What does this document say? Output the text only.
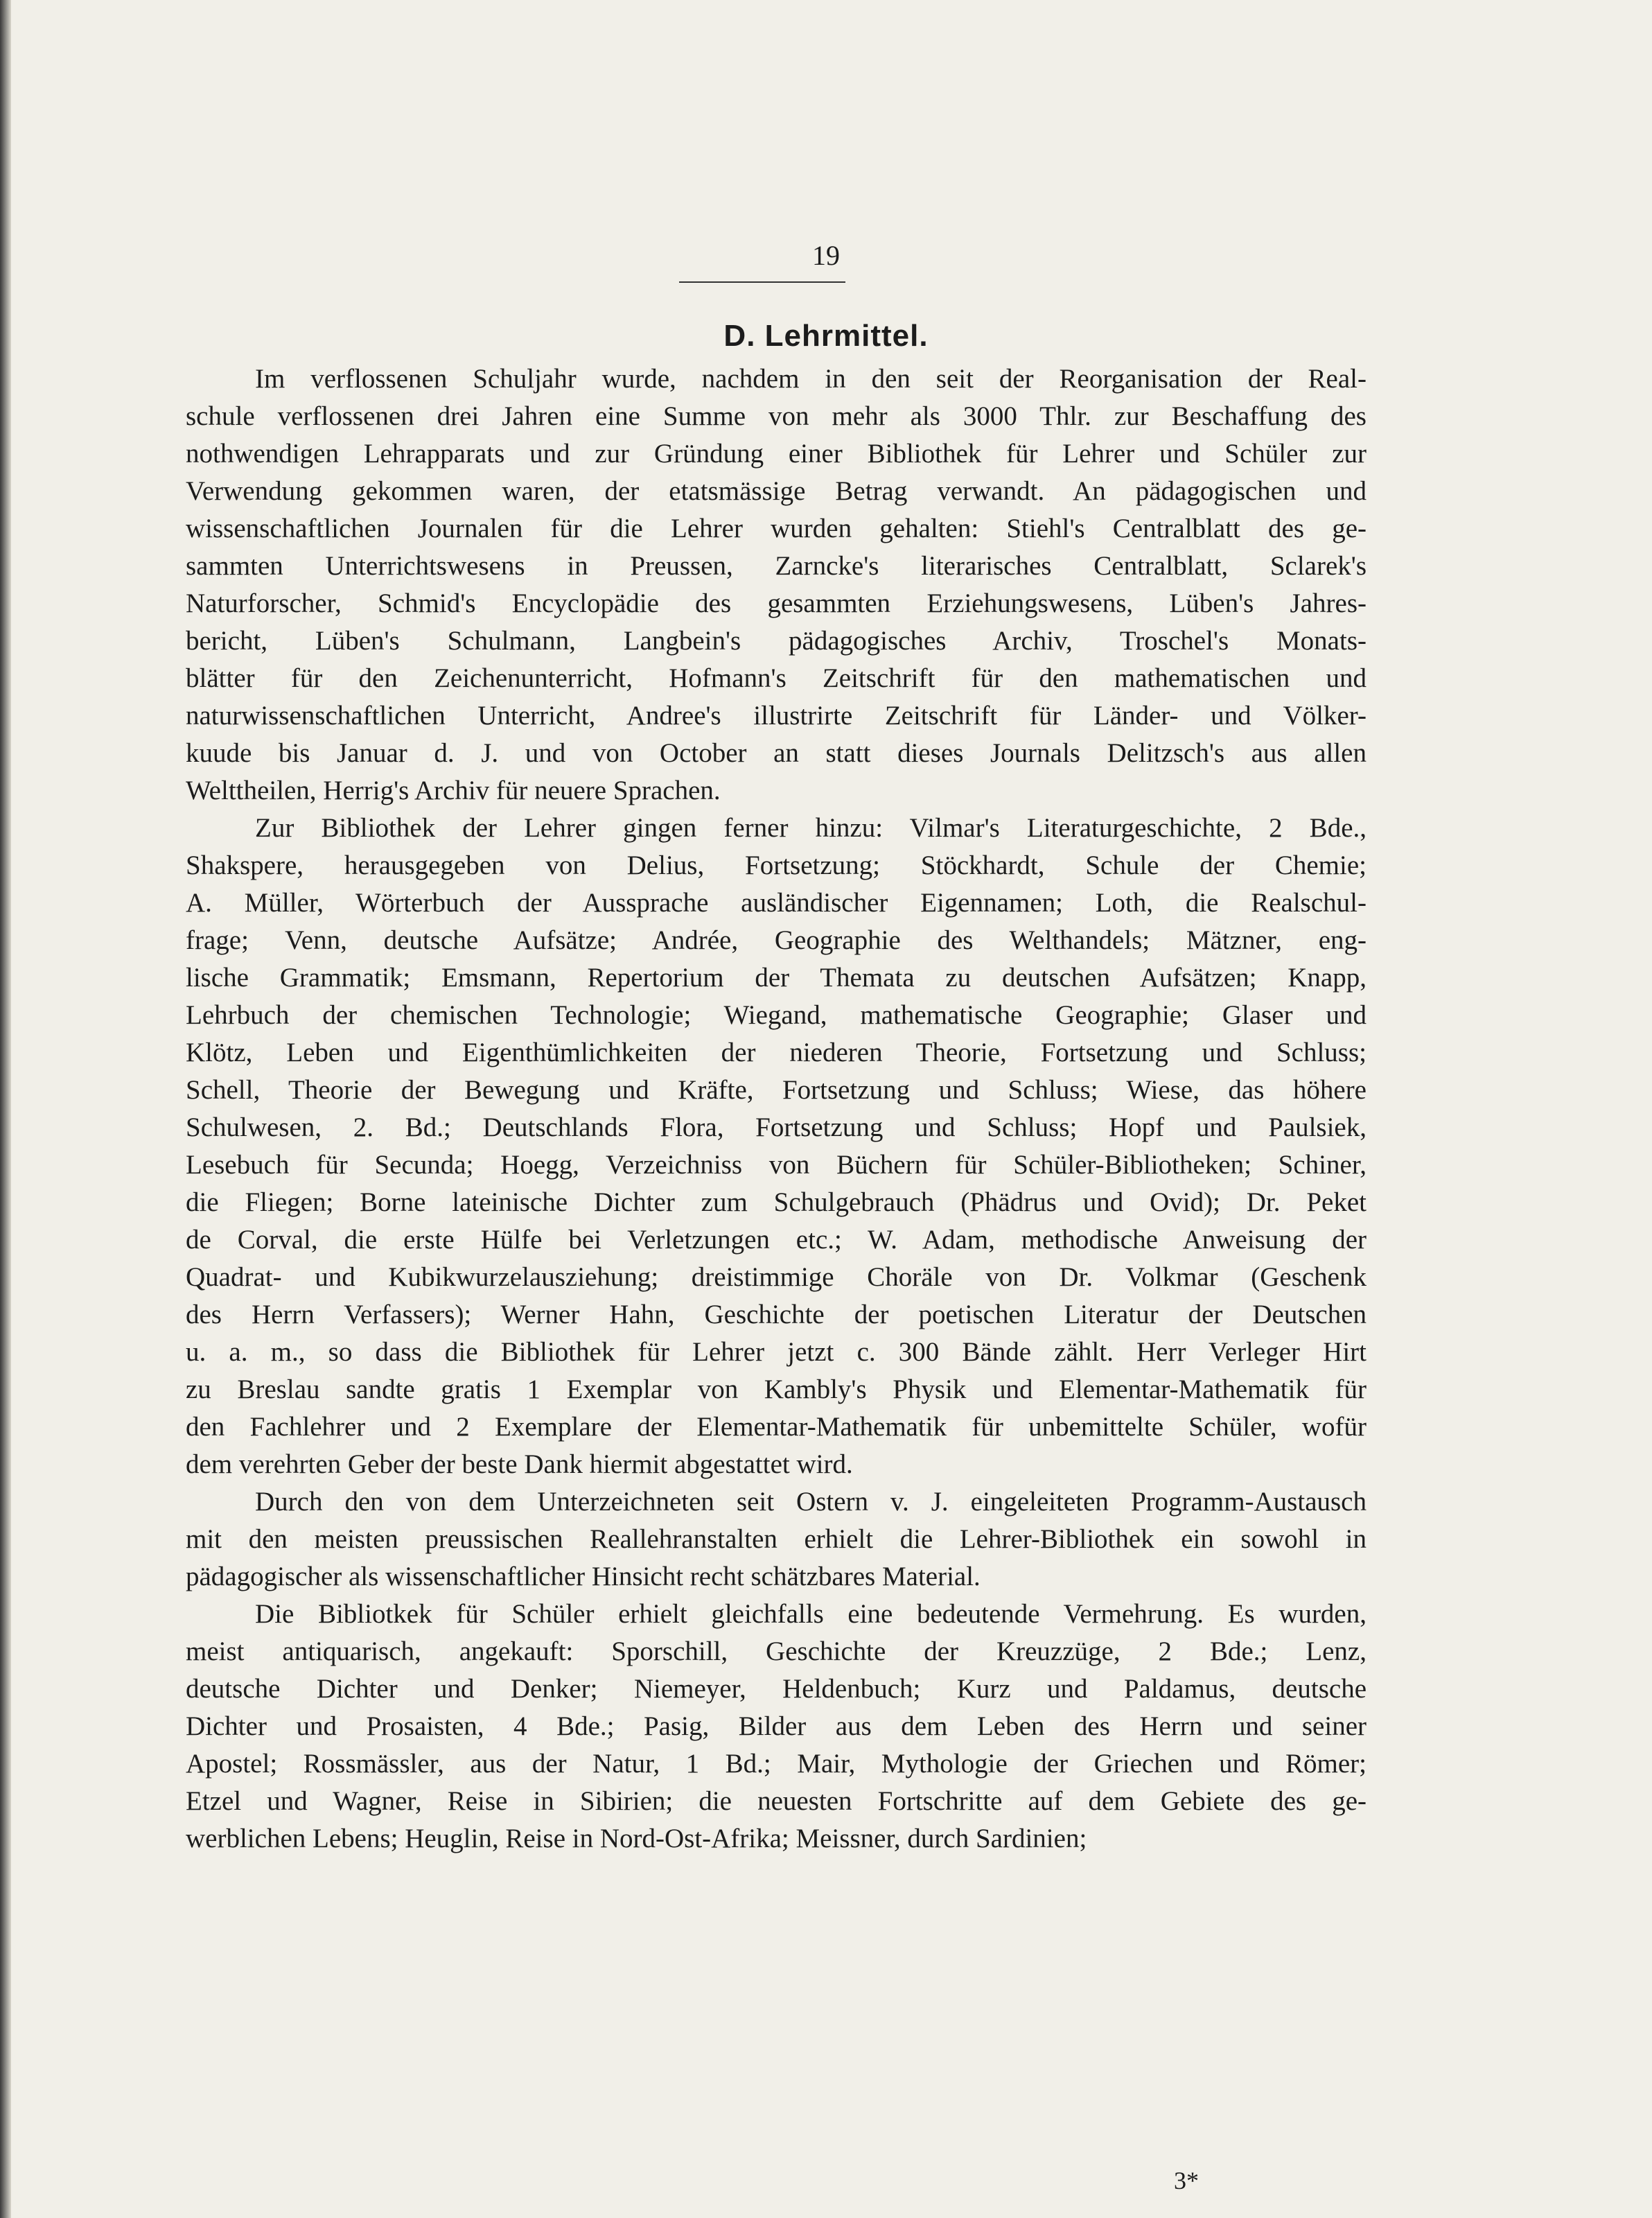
19
D. Lehrmittel.
Im verflossenen Schuljahr wurde, nachdem in den seit der Reorganisation der Real-
schule verflossenen drei Jahren eine Summe von mehr als 3000 Thlr. zur Beschaffung des
nothwendigen Lehrapparats und zur Gründung einer Bibliothek für Lehrer und Schüler zur
Verwendung gekommen waren, der etatsmässige Betrag verwandt. An pädagogischen und
wissenschaftlichen Journalen für die Lehrer wurden gehalten: Stiehl's Centralblatt des ge-
sammten Unterrichtswesens in Preussen, Zarncke's literarisches Centralblatt, Sclarek's
Naturforscher, Schmid's Encyclopädie des gesammten Erziehungswesens, Lüben's Jahres-
bericht, Lüben's Schulmann, Langbein's pädagogisches Archiv, Troschel's Monats-
blätter für den Zeichenunterricht, Hofmann's Zeitschrift für den mathematischen und
naturwissenschaftlichen Unterricht, Andree's illustrirte Zeitschrift für Länder- und Völker-
kuude bis Januar d. J. und von October an statt dieses Journals Delitzsch's aus allen
Welttheilen, Herrig's Archiv für neuere Sprachen.
Zur Bibliothek der Lehrer gingen ferner hinzu: Vilmar's Literaturgeschichte, 2 Bde.,
Shakspere, herausgegeben von Delius, Fortsetzung; Stöckhardt, Schule der Chemie;
A. Müller, Wörterbuch der Aussprache ausländischer Eigennamen; Loth, die Realschul-
frage; Venn, deutsche Aufsätze; Andrée, Geographie des Welthandels; Mätzner, eng-
lische Grammatik; Emsmann, Repertorium der Themata zu deutschen Aufsätzen; Knapp,
Lehrbuch der chemischen Technologie; Wiegand, mathematische Geographie; Glaser und
Klötz, Leben und Eigenthümlichkeiten der niederen Theorie, Fortsetzung und Schluss;
Schell, Theorie der Bewegung und Kräfte, Fortsetzung und Schluss; Wiese, das höhere
Schulwesen, 2. Bd.; Deutschlands Flora, Fortsetzung und Schluss; Hopf und Paulsiek,
Lesebuch für Secunda; Hoegg, Verzeichniss von Büchern für Schüler-Bibliotheken; Schiner,
die Fliegen; Borne lateinische Dichter zum Schulgebrauch (Phädrus und Ovid); Dr. Peket
de Corval, die erste Hülfe bei Verletzungen etc.; W. Adam, methodische Anweisung der
Quadrat- und Kubikwurzelausziehung; dreistimmige Choräle von Dr. Volkmar (Geschenk
des Herrn Verfassers); Werner Hahn, Geschichte der poetischen Literatur der Deutschen
u. a. m., so dass die Bibliothek für Lehrer jetzt c. 300 Bände zählt. Herr Verleger Hirt
zu Breslau sandte gratis 1 Exemplar von Kambly's Physik und Elementar-Mathematik für
den Fachlehrer und 2 Exemplare der Elementar-Mathematik für unbemittelte Schüler, wofür
dem verehrten Geber der beste Dank hiermit abgestattet wird.
Durch den von dem Unterzeichneten seit Ostern v. J. eingeleiteten Programm-Austausch
mit den meisten preussischen Reallehranstalten erhielt die Lehrer-Bibliothek ein sowohl in
pädagogischer als wissenschaftlicher Hinsicht recht schätzbares Material.
Die Bibliotkek für Schüler erhielt gleichfalls eine bedeutende Vermehrung. Es wurden,
meist antiquarisch, angekauft: Sporschill, Geschichte der Kreuzzüge, 2 Bde.; Lenz,
deutsche Dichter und Denker; Niemeyer, Heldenbuch; Kurz und Paldamus, deutsche
Dichter und Prosaisten, 4 Bde.; Pasig, Bilder aus dem Leben des Herrn und seiner
Apostel; Rossmässler, aus der Natur, 1 Bd.; Mair, Mythologie der Griechen und Römer;
Etzel und Wagner, Reise in Sibirien; die neuesten Fortschritte auf dem Gebiete des ge-
werblichen Lebens; Heuglin, Reise in Nord-Ost-Afrika; Meissner, durch Sardinien;
3*
